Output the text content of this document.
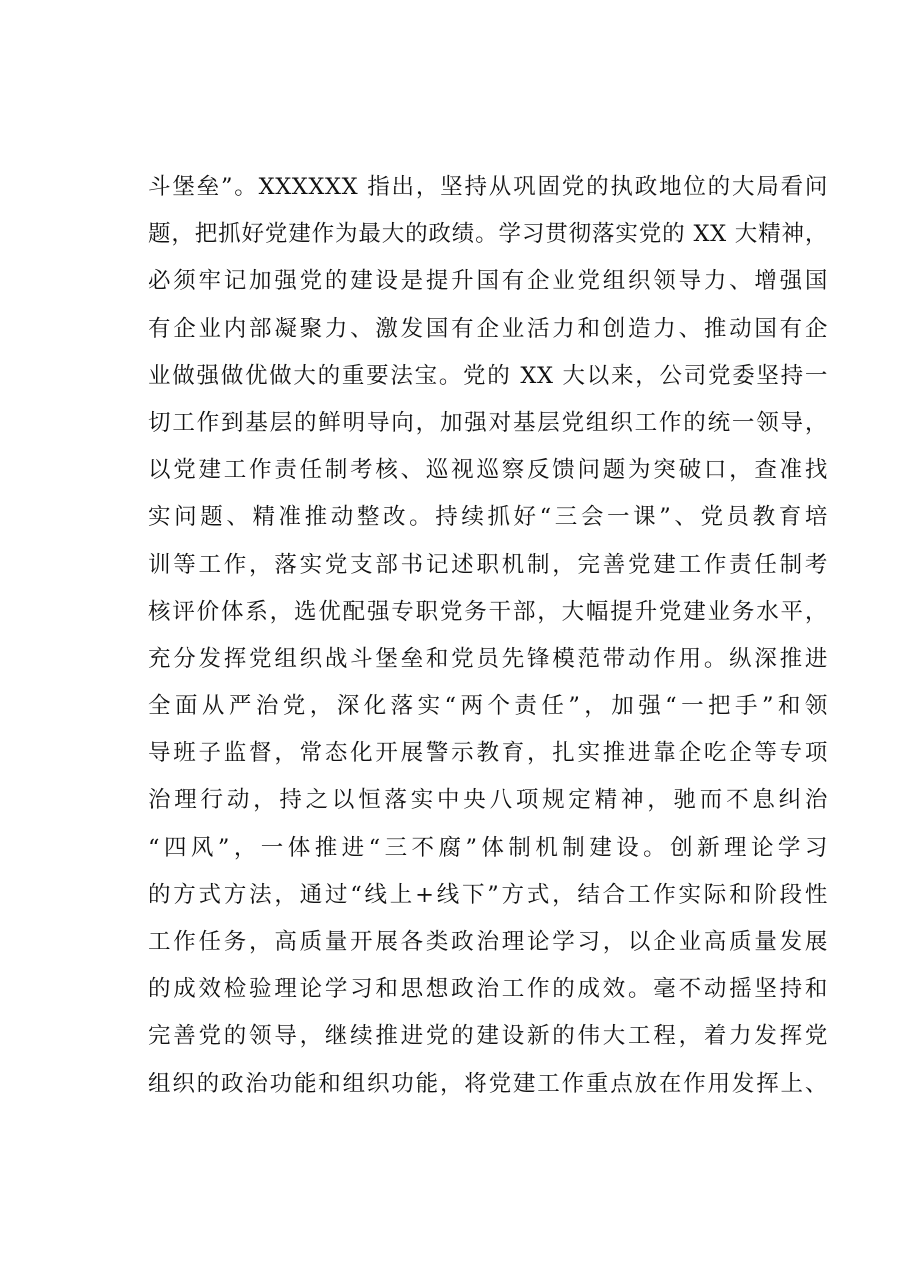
斗堡垒”。XXXXXX 指出，坚持从巩固党的执政地位的大局看问
题，把抓好党建作为最大的政绩。学习贯彻落实党的 XX 大精神，
必须牢记加强党的建设是提升国有企业党组织领导力、增强国
有企业内部凝聚力、激发国有企业活力和创造力、推动国有企
业做强做优做大的重要法宝。党的 XX 大以来，公司党委坚持一
切工作到基层的鲜明导向，加强对基层党组织工作的统一领导，
以党建工作责任制考核、巡视巡察反馈问题为突破口，查准找
实问题、精准推动整改。持续抓好“三会一课”、党员教育培
训等工作，落实党支部书记述职机制，完善党建工作责任制考
核评价体系，选优配强专职党务干部，大幅提升党建业务水平，
充分发挥党组织战斗堡垒和党员先锋模范带动作用。纵深推进
全面从严治党，深化落实“两个责任”，加强“一把手”和领
导班子监督，常态化开展警示教育，扎实推进靠企吃企等专项
治理行动，持之以恒落实中央八项规定精神，驰而不息纠治
“四风”，一体推进“三不腐”体制机制建设。创新理论学习
的方式方法，通过“线上+线下”方式，结合工作实际和阶段性
工作任务，高质量开展各类政治理论学习，以企业高质量发展
的成效检验理论学习和思想政治工作的成效。毫不动摇坚持和
完善党的领导，继续推进党的建设新的伟大工程，着力发挥党
组织的政治功能和组织功能，将党建工作重点放在作用发挥上、
